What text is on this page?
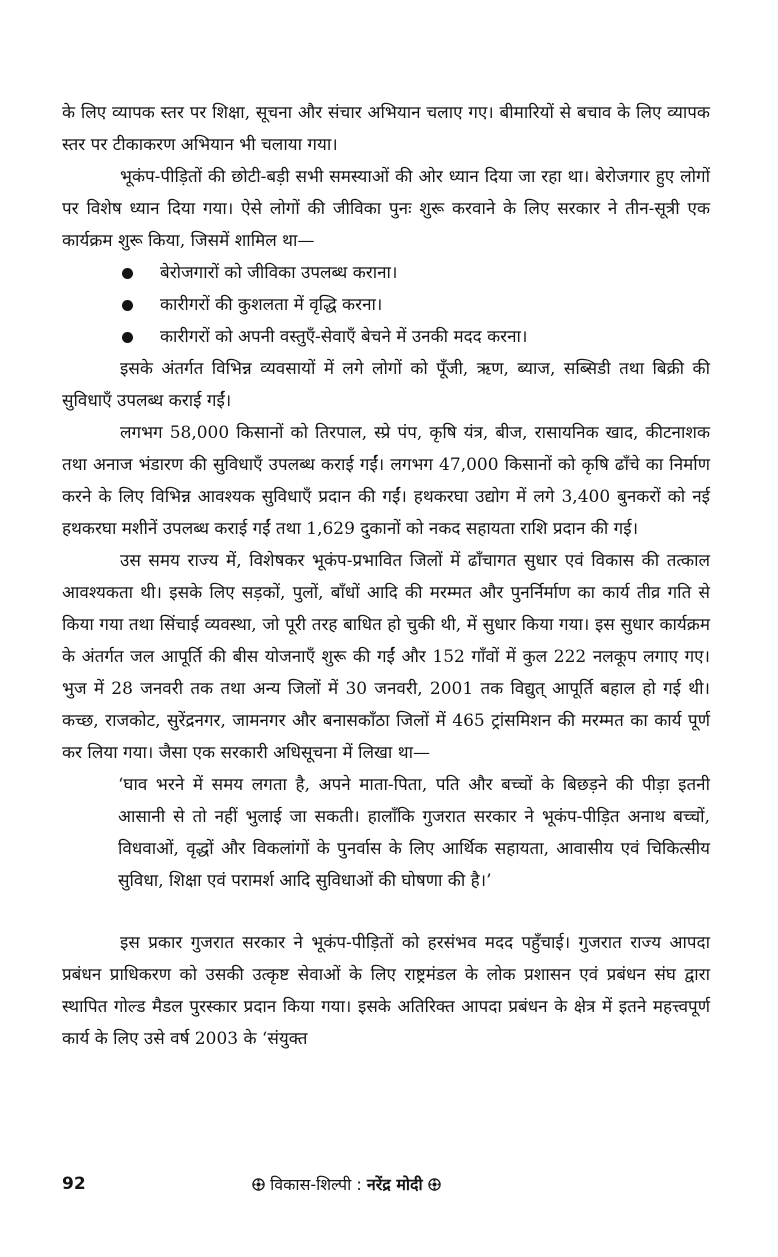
के लिए व्यापक स्तर पर शिक्षा, सूचना और संचार अभियान चलाए गए। बीमारियों से बचाव के लिए व्यापक स्तर पर टीकाकरण अभियान भी चलाया गया।

भूकंप-पीड़ितों की छोटी-बड़ी सभी समस्याओं की ओर ध्यान दिया जा रहा था। बेरोजगार हुए लोगों पर विशेष ध्यान दिया गया। ऐसे लोगों की जीविका पुनः शुरू करवाने के लिए सरकार ने तीन-सूत्री एक कार्यक्रम शुरू किया, जिसमें शामिल था—

बेरोजगारों को जीविका उपलब्ध कराना।
कारीगरों की कुशलता में वृद्धि करना।
कारीगरों को अपनी वस्तुएँ-सेवाएँ बेचने में उनकी मदद करना।

इसके अंतर्गत विभिन्न व्यवसायों में लगे लोगों को पूँजी, ऋण, ब्याज, सब्सिडी तथा बिक्री की सुविधाएँ उपलब्ध कराई गईं।

लगभग 58,000 किसानों को तिरपाल, स्प्रे पंप, कृषि यंत्र, बीज, रासायनिक खाद, कीटनाशक तथा अनाज भंडारण की सुविधाएँ उपलब्ध कराई गईं। लगभग 47,000 किसानों को कृषि ढाँचे का निर्माण करने के लिए विभिन्न आवश्यक सुविधाएँ प्रदान की गईं। हथकरघा उद्योग में लगे 3,400 बुनकरों को नई हथकरघा मशीनें उपलब्ध कराई गईं तथा 1,629 दुकानों को नकद सहायता राशि प्रदान की गई।

उस समय राज्य में, विशेषकर भूकंप-प्रभावित जिलों में ढाँचागत सुधार एवं विकास की तत्काल आवश्यकता थी। इसके लिए सड़कों, पुलों, बाँधों आदि की मरम्मत और पुनर्निर्माण का कार्य तीव्र गति से किया गया तथा सिंचाई व्यवस्था, जो पूरी तरह बाधित हो चुकी थी, में सुधार किया गया। इस सुधार कार्यक्रम के अंतर्गत जल आपूर्ति की बीस योजनाएँ शुरू की गईं और 152 गाँवों में कुल 222 नलकूप लगाए गए। भुज में 28 जनवरी तक तथा अन्य जिलों में 30 जनवरी, 2001 तक विद्युत् आपूर्ति बहाल हो गई थी। कच्छ, राजकोट, सुरेंद्रनगर, जामनगर और बनासकाँठा जिलों में 465 ट्रांसमिशन की मरम्मत का कार्य पूर्ण कर लिया गया। जैसा एक सरकारी अधिसूचना में लिखा था—

‘घाव भरने में समय लगता है, अपने माता-पिता, पति और बच्चों के बिछड़ने की पीड़ा इतनी आसानी से तो नहीं भुलाई जा सकती। हालाँकि गुजरात सरकार ने भूकंप-पीड़ित अनाथ बच्चों, विधवाओं, वृद्धों और विकलांगों के पुनर्वास के लिए आर्थिक सहायता, आवासीय एवं चिकित्सीय सुविधा, शिक्षा एवं परामर्श आदि सुविधाओं की घोषणा की है।’

इस प्रकार गुजरात सरकार ने भूकंप-पीड़ितों को हरसंभव मदद पहुँचाई। गुजरात राज्य आपदा प्रबंधन प्राधिकरण को उसकी उत्कृष्ट सेवाओं के लिए राष्ट्रमंडल के लोक प्रशासन एवं प्रबंधन संघ द्वारा स्थापित गोल्ड मैडल पुरस्कार प्रदान किया गया। इसके अतिरिक्त आपदा प्रबंधन के क्षेत्र में इतने महत्त्वपूर्ण कार्य के लिए उसे वर्ष 2003 के ‘संयुक्त

92	विकास-शिल्पी : नरेंद्र मोदी
